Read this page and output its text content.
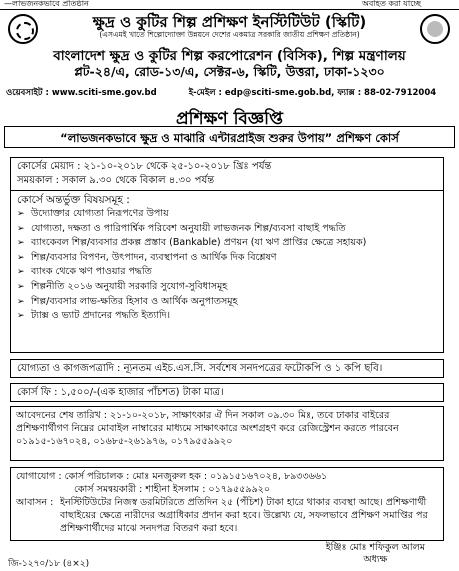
—লাভজনকভাবে প্রতিষ্ঠান	অবহিত করা যাচ্ছে
ক্ষুদ্র ও কুটির শিল্প প্রশিক্ষণ ইনস্টিটিউট (স্কিটি)
(এসএমই খাতে শিল্পোদ্যোক্তা উন্নয়নে দেশের একমাত্র সরকারি জাতীয় প্রশিক্ষণ প্রতিষ্ঠান)
বাংলাদেশ ক্ষুদ্র ও কুটির শিল্প করপোরেশন (বিসিক), শিল্প মন্ত্রণালয়
প্লট-২৪/এ, রোড-১৩/এ, সেক্টর-৬, স্কিটি, উত্তরা, ঢাকা-১২৩০
ওয়েবসাইট : www.sciti-sme.gov.bd	ই-মেইল : edp@sciti-sme.gob.bd, ফ্যাক্স : 88-02-7912004
প্রশিক্ষণ বিজ্ঞপ্তি
“লাভজনকভাবে ক্ষুদ্র ও মাঝারি এন্টারপ্রাইজ শুরুর উপায়” প্রশিক্ষণ কোর্স
কোর্সের মেয়াদ : ২১-১০-২০১৮ থেকে ২৫-১০-২০১৮ খ্রিঃ পর্যন্ত
সময়কাল : সকাল ৯.৩০ থেকে বিকাল ৪.৩০ পর্যন্ত
কোর্সে অন্তর্ভুক্ত বিষয়সমূহ :
➢ উদ্যোক্তার যোগ্যতা নিরূপণের উপায়
➢ যোগ্যতা, দক্ষতা ও পারিপার্শ্বিক পরিবেশ অনুযায়ী লাভজনক শিল্প/ব্যবসা বাছাই পদ্ধতি
➢ ব্যাংকেবল শিল্প/ব্যবসার প্রকল্প প্রস্তাব (Bankable) প্রণয়ন (যা ঋণ প্রাপ্তির ক্ষেত্রে সহায়ক)
➢ শিল্প/ব্যবসার বিপণন, উৎপাদন, ব্যবস্থাপনা ও আর্থিক দিক বিশ্লেষণ
➢ ব্যাংক থেকে ঋণ পাওয়ার পদ্ধতি
➢ শিল্পনীতি ২০১৬ অনুযায়ী সরকারি সুযোগ-সুবিধাসমূহ
➢ শিল্প/ব্যবসার লাভ-ক্ষতির হিসাব ও আর্থিক অনুপাতসমূহ
➢ ট্যাক্স ও ভ্যাট প্রদানের পদ্ধতি ইত্যাদি।
যোগ্যতা ও কাগজপত্রাদি : ন্যূনতম এইচ.এস.সি. সর্বশেষ সনদপত্রের ফটোকপি ও ১ কপি ছবি।
কোর্স ফি : ১,৫০০/-(এক হাজার পাঁচশত) টাকা মাত্র।
আবেদনের শেষ তারিখ : ২১-১০-২০১৮, সাক্ষাৎকার ঐ দিন সকাল ০৯.৩০ মিঃ, তবে ঢাকার বাইরের প্রশিক্ষণার্থীগণ নিম্নের মোবাইল নাম্বারের মাধ্যমে সাক্ষাৎকারে অংশগ্রহণ করে রেজিস্ট্রেশন করতে পারবেন ০১৯১৫-১৬৭০২৪, ০১৬৮৫-২৬১৯৭৬, ০১৭৯৫৫৯৯২০
যোগাযোগ : কোর্স পরিচালক : মোঃ মনজুরুল হক : ০১৯১৫১৬৭০২৪, ৮৯৩৩৬৬১
কোর্স সমন্বয়কারী : শাহীনা ইসলাম : ০১৭৯৫৫৯৯২০
আবাসন : ইনস্টিটিউটের নিজস্ব ডরমিটরিতে প্রতিদিন ২৫ (পঁচিশ) টাকা হারে থাকার ব্যবস্থা আছে। প্রশিক্ষণার্থী বাছাইয়ের ক্ষেত্রে নারীদের অগ্রাধিকার প্রদান করা হবে। উল্লেখ্য যে, সফলভাবে প্রশিক্ষণ সমাপ্তির পর প্রশিক্ষণার্থীদের মাঝে সনদপত্র বিতরণ করা হবে।
ইঞ্জিঃ মোঃ শফিকুল আলম
অধ্যক্ষ
জি-১২৭০/১৮ (৪×২)
